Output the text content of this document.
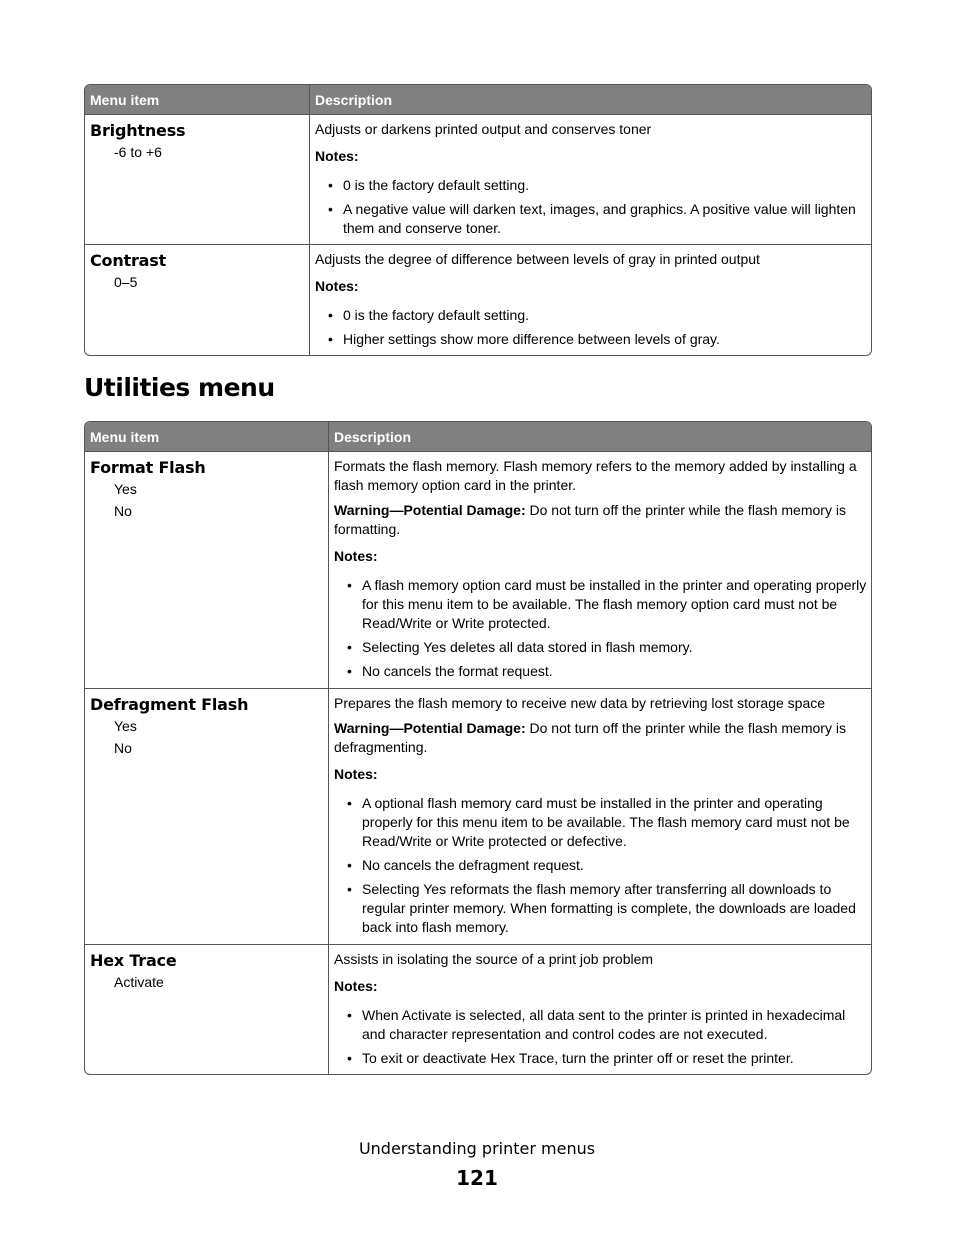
Menu item	Description
Brightness
-6 to +6

Adjusts or darkens printed output and conserves toner

Notes:
• 0 is the factory default setting.
• A negative value will darken text, images, and graphics. A positive value will lighten them and conserve toner.
Contrast
0–5

Adjusts the degree of difference between levels of gray in printed output

Notes:
• 0 is the factory default setting.
• Higher settings show more difference between levels of gray.
Utilities menu
Menu item	Description
Format Flash
Yes
No

Formats the flash memory. Flash memory refers to the memory added by installing a flash memory option card in the printer.

Warning—Potential Damage: Do not turn off the printer while the flash memory is formatting.
Notes:
• A flash memory option card must be installed in the printer and operating properly for this menu item to be available. The flash memory option card must not be Read/Write or Write protected.
• Selecting Yes deletes all data stored in flash memory.
• No cancels the format request.
Defragment Flash
Yes
No

Prepares the flash memory to receive new data by retrieving lost storage space

Warning—Potential Damage: Do not turn off the printer while the flash memory is defragmenting.
Notes:
• A optional flash memory card must be installed in the printer and operating properly for this menu item to be available. The flash memory card must not be Read/Write or Write protected or defective.
• No cancels the defragment request.
• Selecting Yes reformats the flash memory after transferring all downloads to regular printer memory. When formatting is complete, the downloads are loaded back into flash memory.
Hex Trace
Activate

Assists in isolating the source of a print job problem

Notes:
• When Activate is selected, all data sent to the printer is printed in hexadecimal and character representation and control codes are not executed.
• To exit or deactivate Hex Trace, turn the printer off or reset the printer.
Understanding printer menus
121
